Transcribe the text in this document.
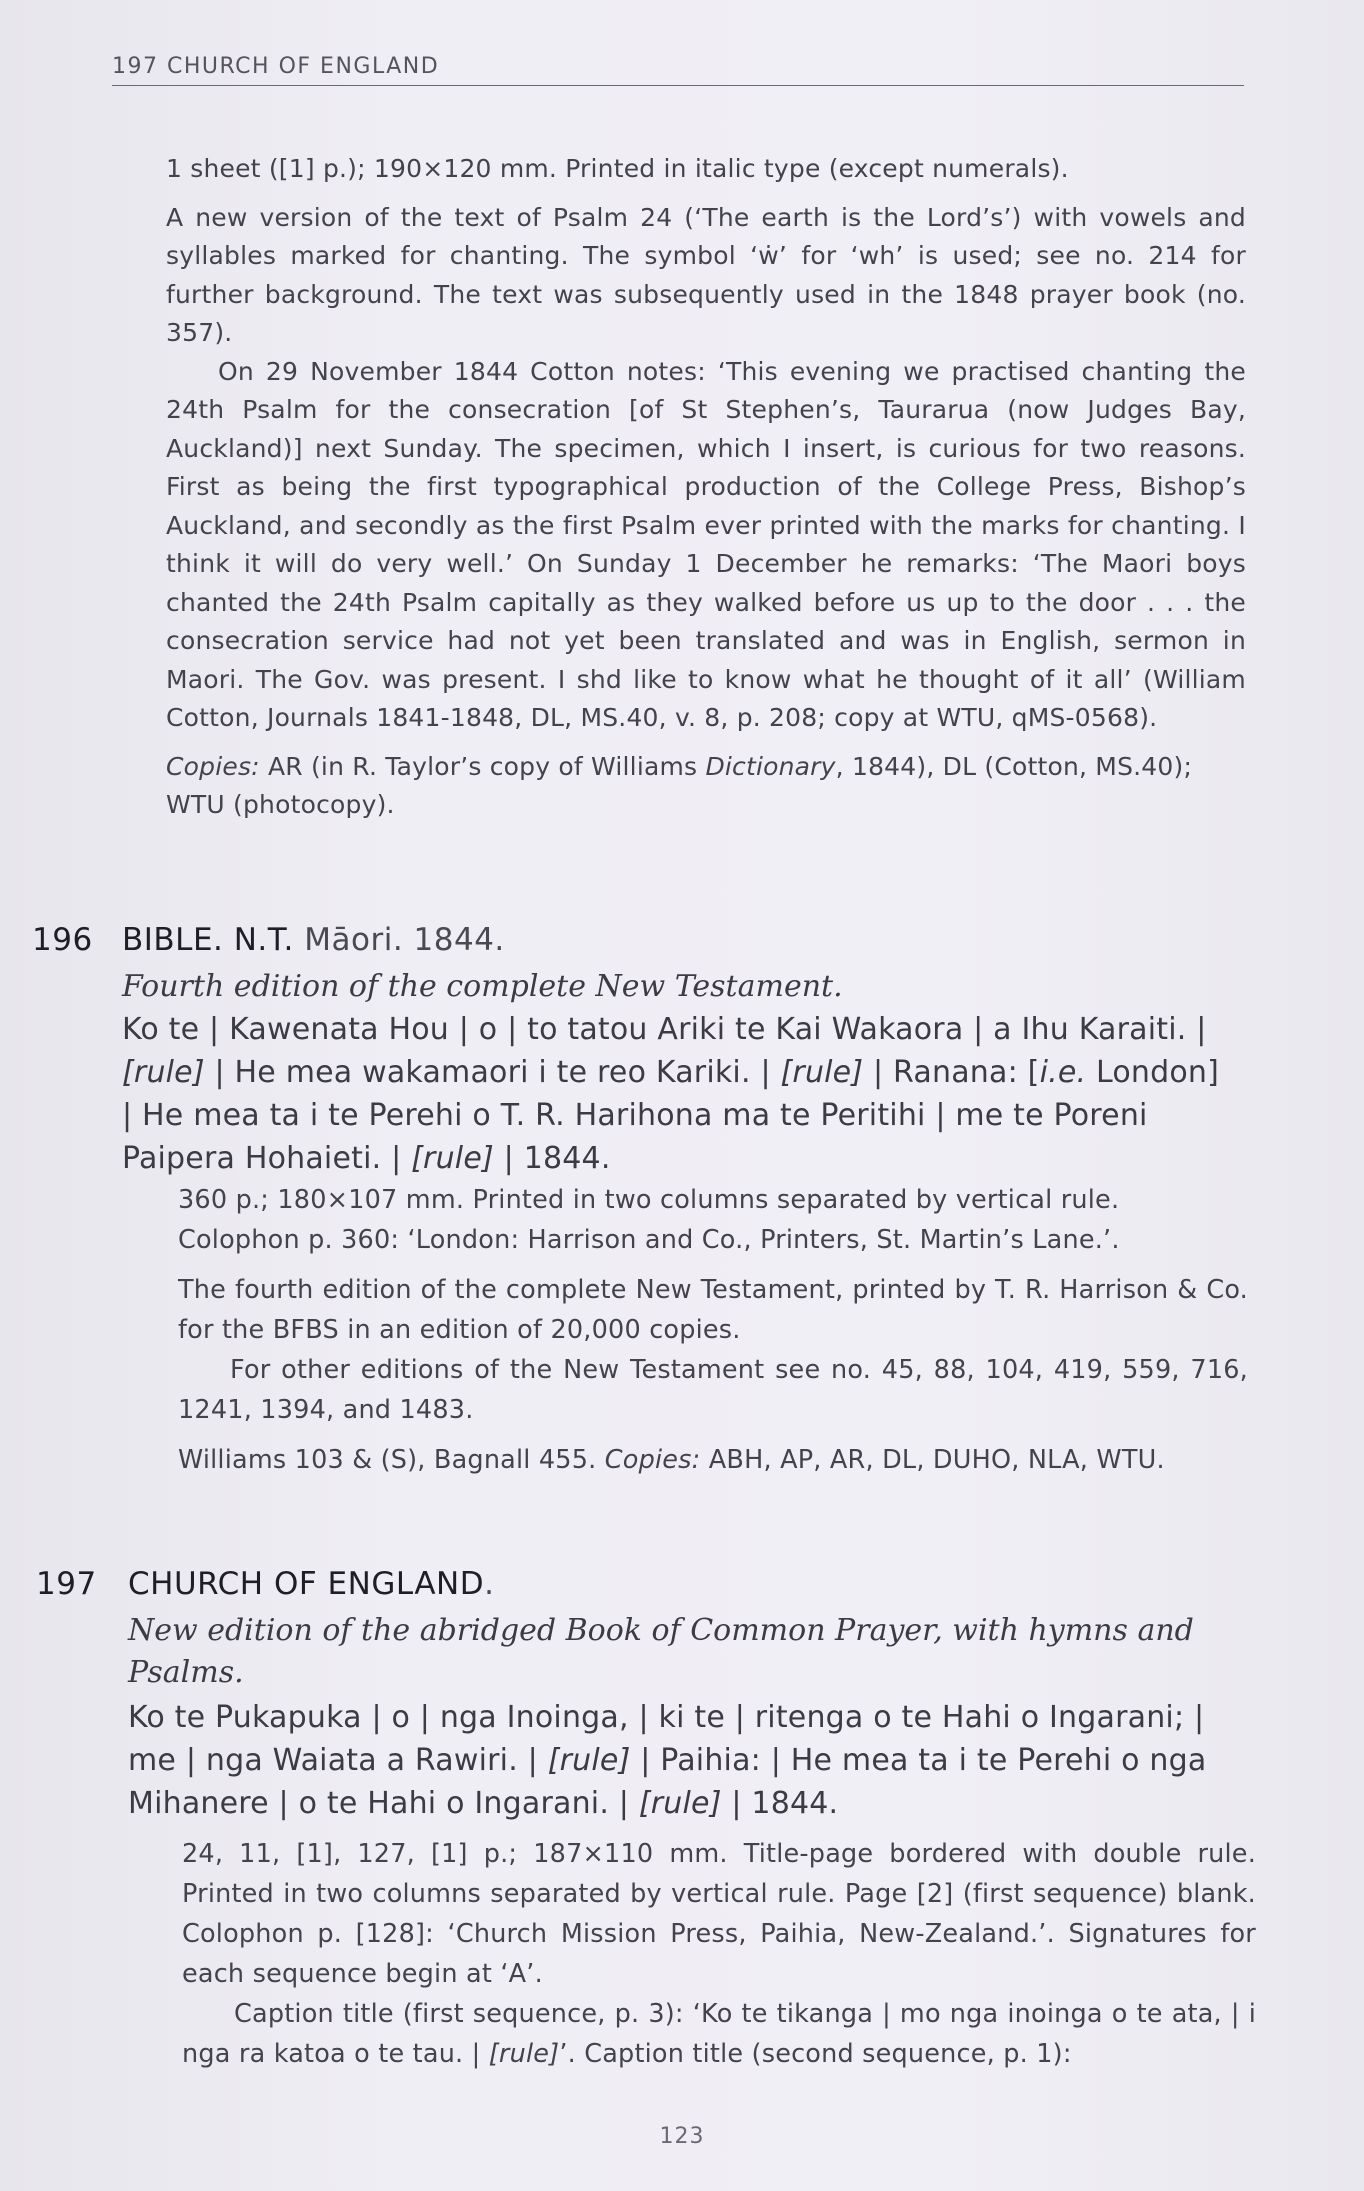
197 CHURCH OF ENGLAND

1 sheet ([1] p.); 190×120 mm. Printed in italic type (except numerals).

A new version of the text of Psalm 24 (‘The earth is the Lord’s’) with vowels and syllables marked for chanting. The symbol ‘ẇ’ for ‘wh’ is used; see no. 214 for further background. The text was subsequently used in the 1848 prayer book (no. 357).

On 29 November 1844 Cotton notes: ‘This evening we practised chanting the 24th Psalm for the consecration [of St Stephen’s, Taurarua (now Judges Bay, Auckland)] next Sunday. The specimen, which I insert, is curious for two reasons. First as being the first typographical production of the College Press, Bishop’s Auckland, and secondly as the first Psalm ever printed with the marks for chanting. I think it will do very well.’ On Sunday 1 December he remarks: ‘The Maori boys chanted the 24th Psalm capitally as they walked before us up to the door . . . the consecration service had not yet been translated and was in English, sermon in Maori. The Gov. was present. I shd like to know what he thought of it all’ (William Cotton, Journals 1841-1848, DL, MS.40, v. 8, p. 208; copy at WTU, qMS-0568).

Copies: AR (in R. Taylor’s copy of Williams Dictionary, 1844), DL (Cotton, MS.40); WTU (photocopy).

196 BIBLE. N.T. Māori. 1844.
Fourth edition of the complete New Testament.
Ko te | Kawenata Hou | o | to tatou Ariki te Kai Wakaora | a Ihu Karaiti. | [rule] | He mea wakamaori i te reo Kariki. | [rule] | Ranana: [i.e. London] | He mea ta i te Perehi o T. R. Harihona ma te Peritihi | me te Poreni Paipera Hohaieti. | [rule] | 1844.

360 p.; 180×107 mm. Printed in two columns separated by vertical rule. Colophon p. 360: ‘London: Harrison and Co., Printers, St. Martin’s Lane.’.

The fourth edition of the complete New Testament, printed by T. R. Harrison & Co. for the BFBS in an edition of 20,000 copies.

For other editions of the New Testament see no. 45, 88, 104, 419, 559, 716, 1241, 1394, and 1483.

Williams 103 & (S), Bagnall 455. Copies: ABH, AP, AR, DL, DUHO, NLA, WTU.

197 CHURCH OF ENGLAND.
New edition of the abridged Book of Common Prayer, with hymns and Psalms.
Ko te Pukapuka | o | nga Inoinga, | ki te | ritenga o te Hahi o Ingarani; | me | nga Waiata a Rawiri. | [rule] | Paihia: | He mea ta i te Perehi o nga Mihanere | o te Hahi o Ingarani. | [rule] | 1844.

24, 11, [1], 127, [1] p.; 187×110 mm. Title-page bordered with double rule. Printed in two columns separated by vertical rule. Page [2] (first sequence) blank. Colophon p. [128]: ‘Church Mission Press, Paihia, New-Zealand.’. Signatures for each sequence begin at ‘A’.

Caption title (first sequence, p. 3): ‘Ko te tikanga | mo nga inoinga o te ata, | i nga ra katoa o te tau. | [rule]’. Caption title (second sequence, p. 1):

123
